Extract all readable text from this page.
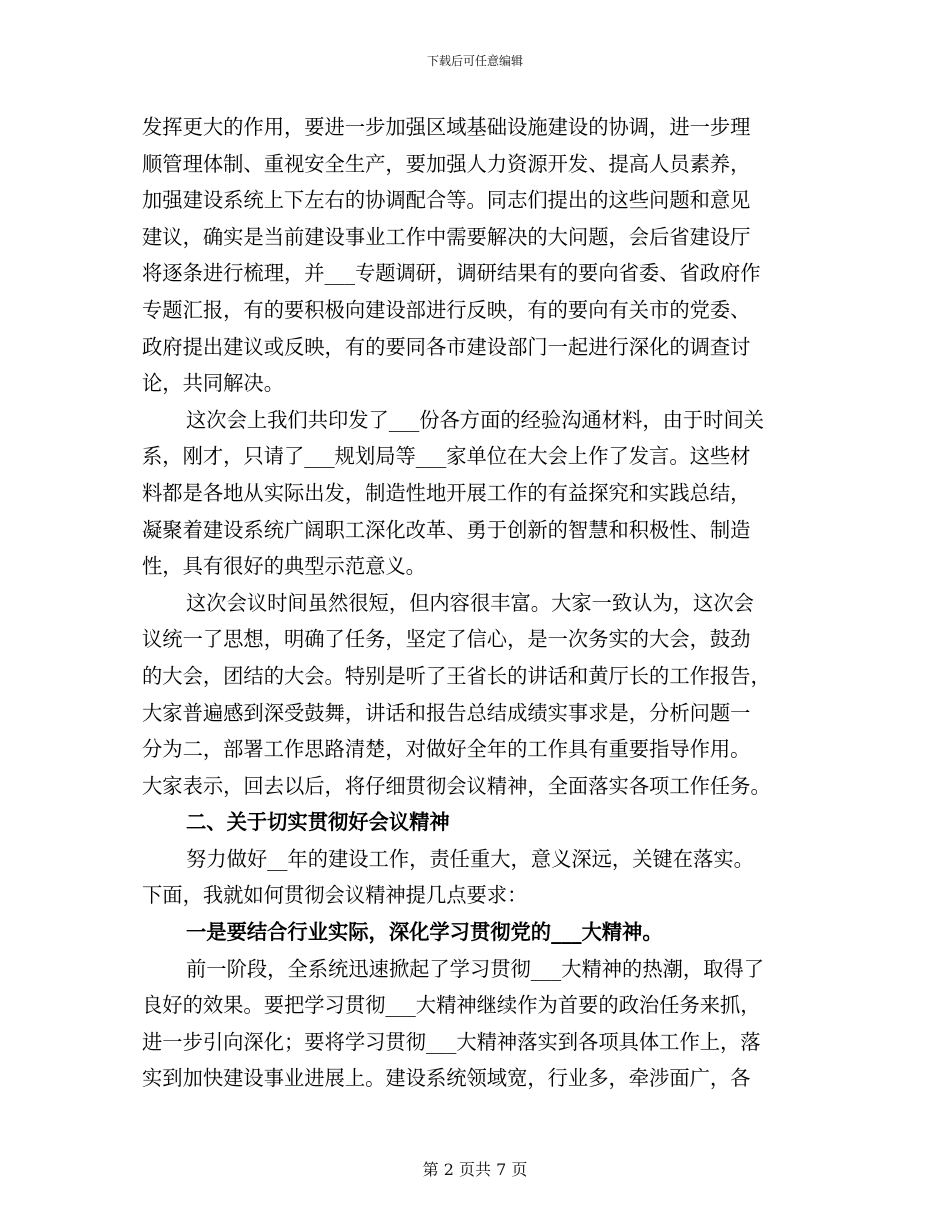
下载后可任意编辑
发挥更大的作用，要进一步加强区域基础设施建设的协调，进一步理
顺管理体制、重视安全生产，要加强人力资源开发、提高人员素养，
加强建设系统上下左右的协调配合等。同志们提出的这些问题和意见
建议，确实是当前建设事业工作中需要解决的大问题，会后省建设厅
将逐条进行梳理，并___专题调研，调研结果有的要向省委、省政府作
专题汇报，有的要积极向建设部进行反映，有的要向有关市的党委、
政府提出建议或反映，有的要同各市建设部门一起进行深化的调查讨
论，共同解决。
这次会上我们共印发了___份各方面的经验沟通材料，由于时间关
系，刚才，只请了___规划局等___家单位在大会上作了发言。这些材
料都是各地从实际出发，制造性地开展工作的有益探究和实践总结，
凝聚着建设系统广阔职工深化改革、勇于创新的智慧和积极性、制造
性，具有很好的典型示范意义。
这次会议时间虽然很短，但内容很丰富。大家一致认为，这次会
议统一了思想，明确了任务，坚定了信心，是一次务实的大会，鼓劲
的大会，团结的大会。特别是听了王省长的讲话和黄厅长的工作报告，
大家普遍感到深受鼓舞，讲话和报告总结成绩实事求是，分析问题一
分为二，部署工作思路清楚，对做好全年的工作具有重要指导作用。
大家表示，回去以后，将仔细贯彻会议精神，全面落实各项工作任务。
二、关于切实贯彻好会议精神
努力做好__年的建设工作，责任重大，意义深远，关键在落实。
下面，我就如何贯彻会议精神提几点要求：
一是要结合行业实际，深化学习贯彻党的___大精神。
前一阶段，全系统迅速掀起了学习贯彻___大精神的热潮，取得了
良好的效果。要把学习贯彻___大精神继续作为首要的政治任务来抓，
进一步引向深化；要将学习贯彻___大精神落实到各项具体工作上，落
实到加快建设事业进展上。建设系统领域宽，行业多，牵涉面广，各
第 2 页共 7 页
